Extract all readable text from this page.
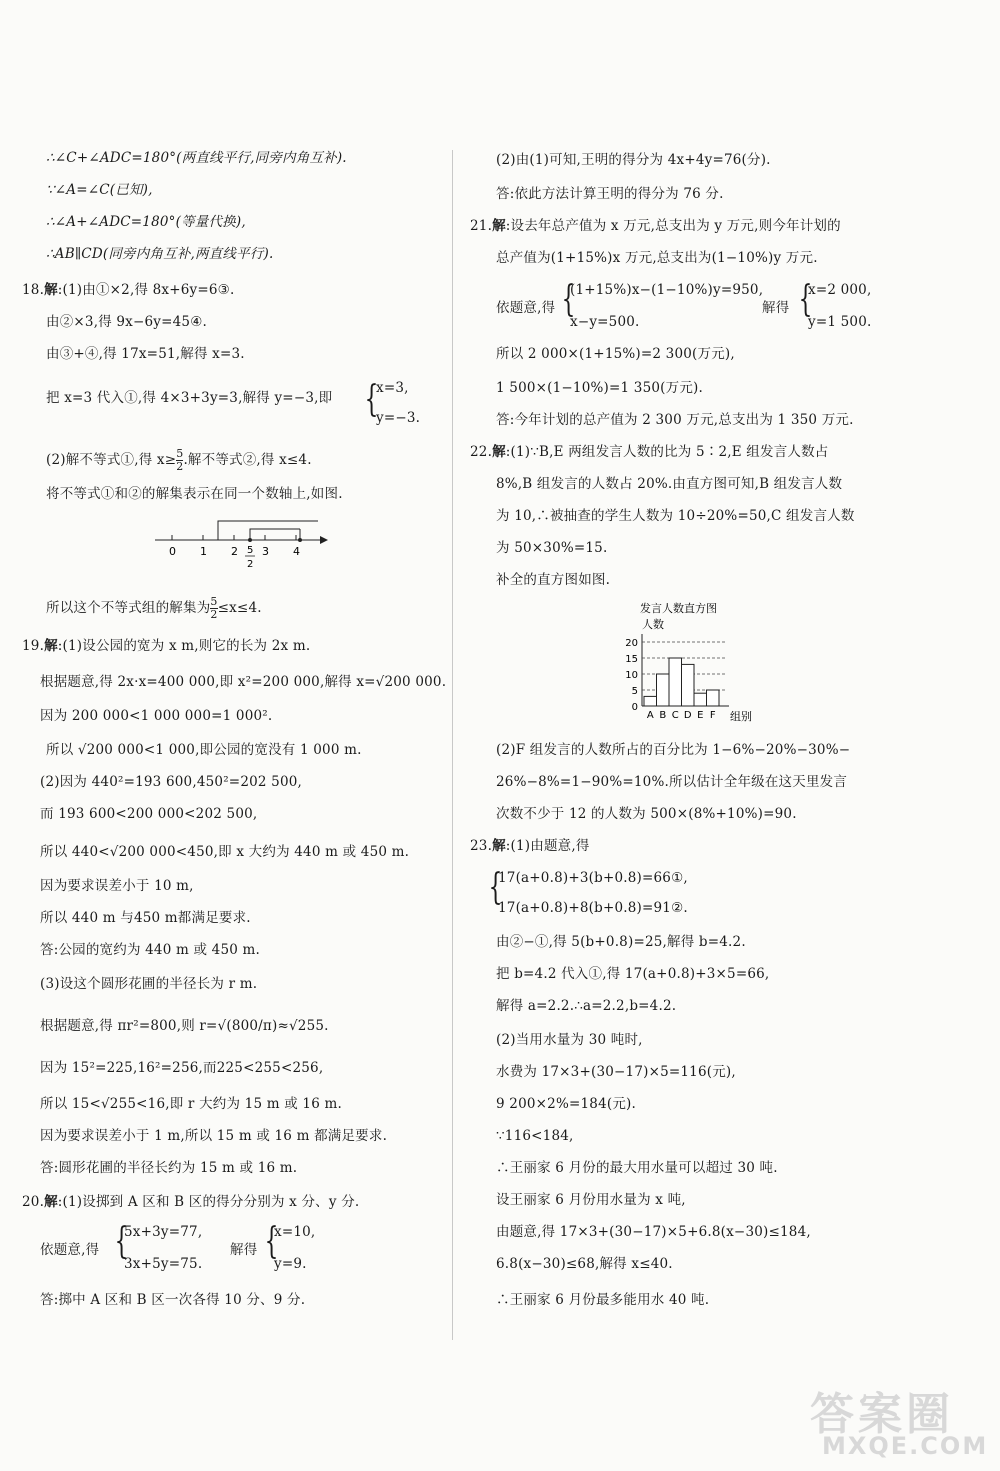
∴∠C+∠ADC=180°(两直线平行,同旁内角互补).
∵∠A=∠C(已知),
∴∠A+∠ADC=180°(等量代换),
∴AB∥CD(同旁内角互补,两直线平行).
18.解:(1)由①×2,得 8x+6y=6③.
由②×3,得 9x−6y=45④.
由③+④,得 17x=51,解得 x=3.
把 x=3 代入①,得 4×3+3y=3,解得 y=−3,即 {
x=3,
y=−3.
(2)解不等式①,得 $x\ge \frac{5}{2}$ .解不等式②,得 x≤4.
将不等式①和②的解集表示在同一个数轴上,如图.
0 1 2 3 4
5
2
所以这个不等式组的解集为 $\frac{5}{2} \le x\le 4$.
19.解:(1)设公园的宽为 x m,则它的长为 2x m.
根据题意,得 2x·x=400 000,即 x²=200 000,解得 x=√200 000.
因为 200 000<1 000 000=1 000².
所以 √200 000<1 000,即公园的宽没有 1 000 m.
(2)因为 440²=193 600,450²=202 500,
而 193 600<200 000<202 500,
所以 440<√200 000<450,即 x 大约为 440 m 或 450 m.
因为要求误差小于 10 m,
所以 440 m 与450 m都满足要求.
答:公园的宽约为 440 m 或 450 m.
(3)设这个圆形花圃的半径长为 r m.
根据题意,得 πr²=800,则 r=√(800/π)≈√255.
因为 15²=225,16²=256,而225<255<256,
所以 15<√255<16,即 r 大约为 15 m 或 16 m.
因为要求误差小于 1 m,所以 15 m 或 16 m 都满足要求.
答:圆形花圃的半径长约为 15 m 或 16 m.
20.解:(1)设掷到 A 区和 B 区的得分分别为 x 分、y 分.
依题意,得 {
5x+3y=77,
3x+5y=75.
解得 {
x=10,
y=9.
答:掷中 A 区和 B 区一次各得 10 分、9 分.
(2)由(1)可知,王明的得分为 4x+4y=76(分).
答:依此方法计算王明的得分为 76 分.
21.解:设去年总产值为 x 万元,总支出为 y 万元,则今年计划的
总产值为(1+15%)x 万元,总支出为(1−10%)y 万元.
依题意,得 {
(1+15%)x−(1−10%)y=950,
x−y=500.
解得 {
x=2 000,
y=1 500.
所以 2 000×(1+15%)=2 300(万元),
1 500×(1−10%)=1 350(万元).
答:今年计划的总产值为 2 300 万元,总支出为 1 350 万元.
22.解:(1)∵B,E 两组发言人数的比为 5∶2,E 组发言人数占
8%,B 组发言的人数占 20%.由直方图可知,B 组发言人数
为 10,∴被抽查的学生人数为 10÷20%=50,C 组发言人数
为 50×30%=15.
补全的直方图如图.
发言人数直方图
人数
组别
0
5
10
15
20
A B C D E F
(2)F 组发言的人数所占的百分比为 1−6%−20%−30%−
26%−8%=1−90%=10%.所以估计全年级在这天里发言
次数不少于 12 的人数为 500×(8%+10%)=90.
23.解:(1)由题意,得
{
17(a+0.8)+3(b+0.8)=66①,
17(a+0.8)+8(b+0.8)=91②.
由②−①,得 5(b+0.8)=25,解得 b=4.2.
把 b=4.2 代入①,得 17(a+0.8)+3×5=66,
解得 a=2.2.∴a=2.2,b=4.2.
(2)当用水量为 30 吨时,
水费为 17×3+(30−17)×5=116(元),
9 200×2%=184(元).
∵116<184,
∴王丽家 6 月份的最大用水量可以超过 30 吨.
设王丽家 6 月份用水量为 x 吨,
由题意,得 17×3+(30−17)×5+6.8(x−30)≤184,
6.8(x−30)≤68,解得 x≤40.
∴王丽家 6 月份最多能用水 40 吨.
答案圈
MXQE.COM
